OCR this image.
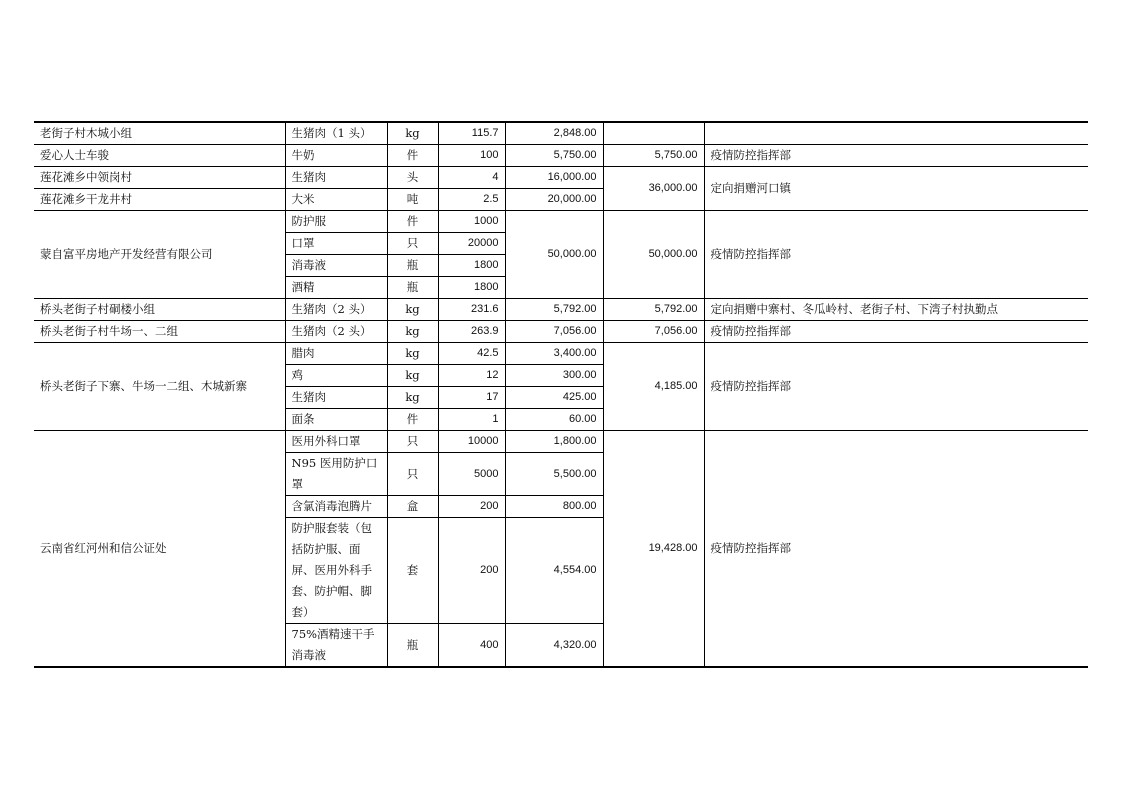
老街子村木城小组	生猪肉（1 头）	kg	115.7	2,848.00		
爱心人士车骏	牛奶	件	100	5,750.00	5,750.00	疫情防控指挥部
莲花滩乡中领岗村	生猪肉	头	4	16,000.00	36,000.00	定向捐赠河口镇
莲花滩乡干龙井村	大米	吨	2.5	20,000.00		
蒙自富平房地产开发经营有限公司	防护服	件	1000	50,000.00	50,000.00	疫情防控指挥部
	口罩	只	20000			
	消毒液	瓶	1800			
	酒精	瓶	1800			
桥头老街子村硐楼小组	生猪肉（2 头）	kg	231.6	5,792.00	5,792.00	定向捐赠中寨村、冬瓜岭村、老街子村、下湾子村执勤点
桥头老街子村牛场一、二组	生猪肉（2 头）	kg	263.9	7,056.00	7,056.00	疫情防控指挥部
桥头老街子下寨、牛场一二组、木城新寨	腊肉	kg	42.5	3,400.00	4,185.00	疫情防控指挥部
	鸡	kg	12	300.00		
	生猪肉	kg	17	425.00		
	面条	件	1	60.00		
云南省红河州和信公证处	医用外科口罩	只	10000	1,800.00	19,428.00	疫情防控指挥部
	N95 医用防护口罩	只	5000	5,500.00		
	含氯消毒泡腾片	盒	200	800.00		
	防护服套装（包括防护服、面屏、医用外科手套、防护帽、脚套）	套	200	4,554.00		
	75%酒精速干手消毒液	瓶	400	4,320.00		
